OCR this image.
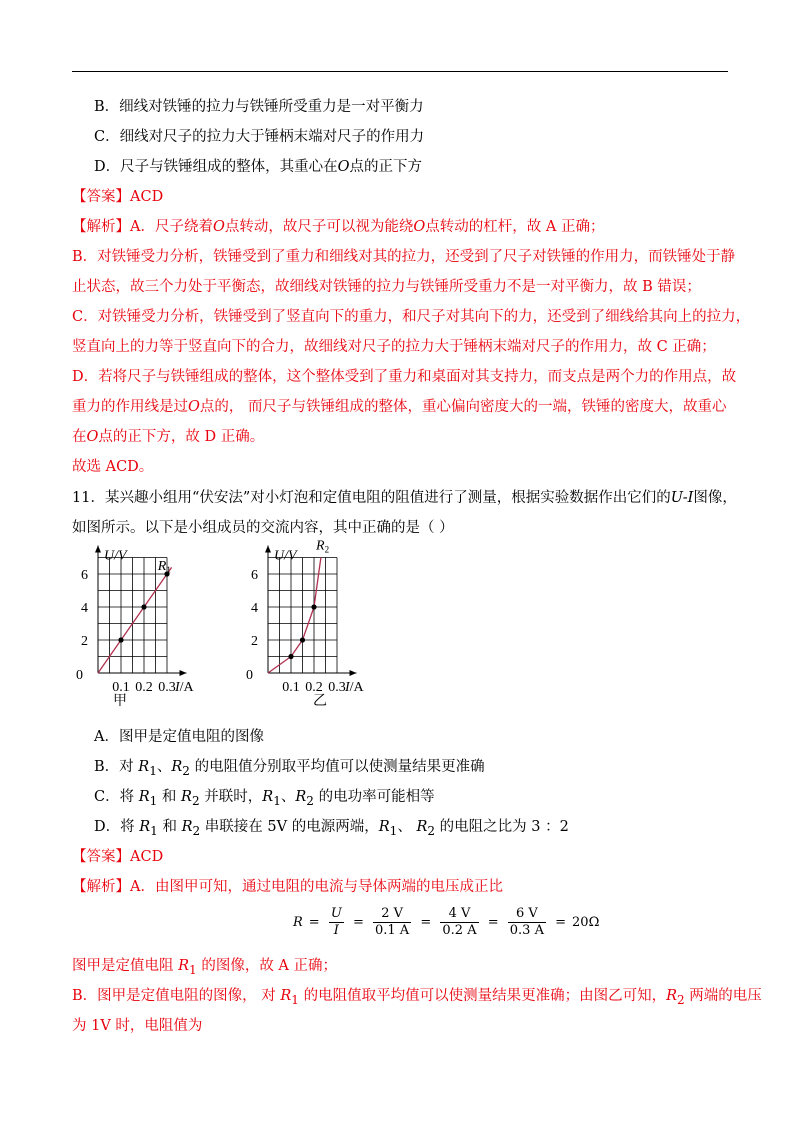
B．细线对铁锤的拉力与铁锤所受重力是一对平衡力
C．细线对尺子的拉力大于锤柄末端对尺子的作用力
D．尺子与铁锤组成的整体，其重心在O点的正下方
【答案】ACD
【解析】A．尺子绕着O点转动，故尺子可以视为能绕O点转动的杠杆，故 A 正确；
B．对铁锤受力分析，铁锤受到了重力和细线对其的拉力，还受到了尺子对铁锤的作用力，而铁锤处于静
止状态，故三个力处于平衡态，故细线对铁锤的拉力与铁锤所受重力不是一对平衡力，故 B 错误；
C．对铁锤受力分析，铁锤受到了竖直向下的重力，和尺子对其向下的力，还受到了细线给其向上的拉力，
竖直向上的力等于竖直向下的合力，故细线对尺子的拉力大于锤柄末端对尺子的作用力，故 C 正确；
D．若将尺子与铁锤组成的整体，这个整体受到了重力和桌面对其支持力，而支点是两个力的作用点，故
重力的作用线是过O点的， 而尺子与铁锤组成的整体，重心偏向密度大的一端，铁锤的密度大，故重心
在O点的正下方，故 D 正确。
故选 ACD。
11．某兴趣小组用“伏安法”对小灯泡和定值电阻的阻值进行了测量，根据实验数据作出它们的U-I图像，
如图所示。以下是小组成员的交流内容，其中正确的是（ ）
0.1 0.2 0.3
2
4
6
U/V
I/A
0
$R_1$
甲
0.1 0.2 0.3
2
4
6
U/V
I/A
0
$R_2$
乙
A．图甲是定值电阻的图像
B．对 $R_1$、$R_2$ 的电阻值分别取平均值可以使测量结果更准确
C．将 $R_1$ 和 $R_2$ 并联时，$R_1$、$R_2$ 的电功率可能相等
D．将 $R_1$ 和 $R_2$ 串联接在 5V 的电源两端，$R_1$、 $R_2$ 的电阻之比为 3 ：2
【答案】ACD
【解析】A．由图甲可知，通过电阻的电流与导体两端的电压成正比
$R = \frac{U}{I} = \frac{2 V}{0.1 A} = \frac{4 V}{0.2 A} = \frac{6 V}{0.3 A} = 20\Omega$
图甲是定值电阻 $R_1$ 的图像，故 A 正确；
B．图甲是定值电阻的图像， 对 $R_1$ 的电阻值取平均值可以使测量结果更准确；由图乙可知，$R_2$ 两端的电压
为 1V 时，电阻值为
